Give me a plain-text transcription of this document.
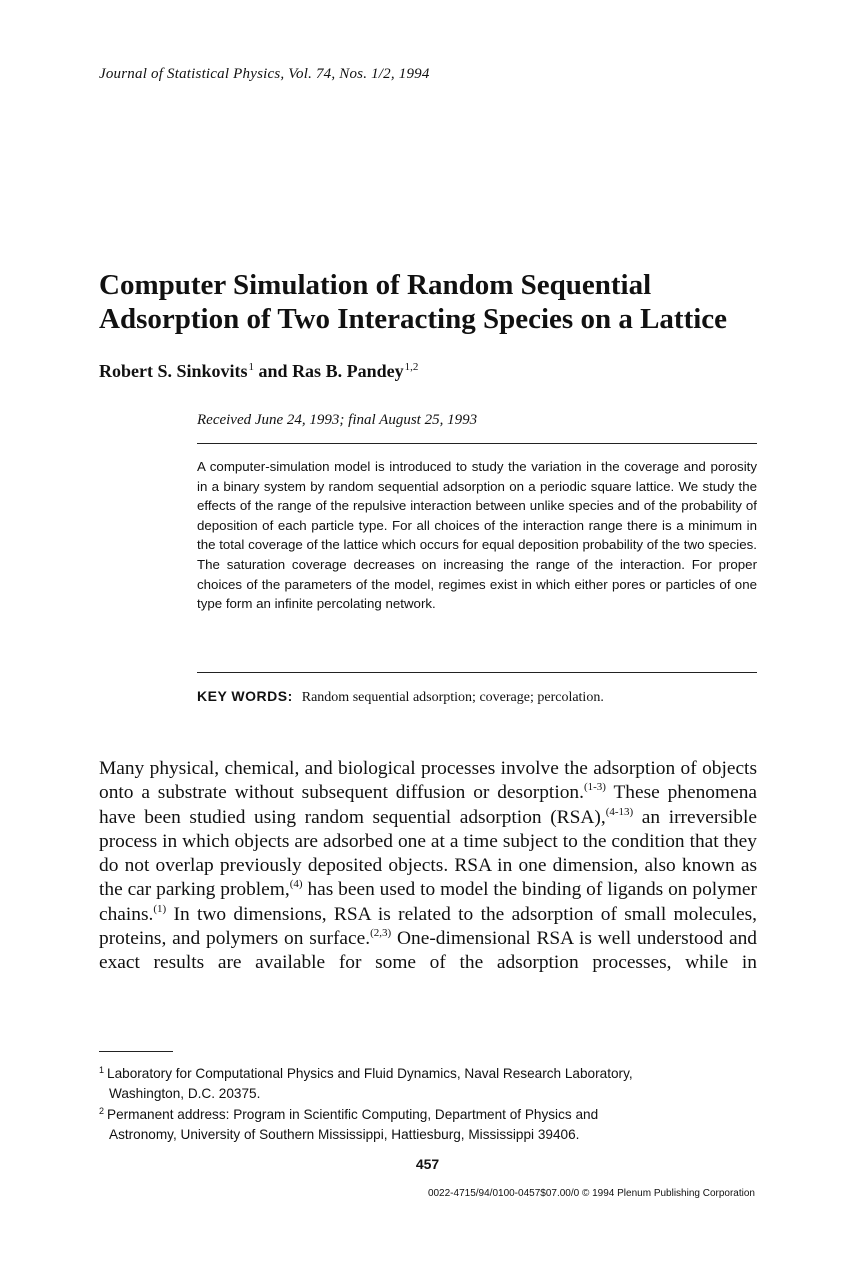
Journal of Statistical Physics, Vol. 74, Nos. 1/2, 1994
Computer Simulation of Random Sequential
Adsorption of Two Interacting Species on a Lattice
Robert S. Sinkovits$^1$ and Ras B. Pandey$^{1,2}$
Received June 24, 1993; final August 25, 1993
A computer-simulation model is introduced to study the variation in the coverage and porosity in a binary system by random sequential adsorption on a periodic square lattice. We study the effects of the range of the repulsive interaction between unlike species and of the probability of deposition of each particle type. For all choices of the interaction range there is a minimum in the total coverage of the lattice which occurs for equal deposition probability of the two species. The saturation coverage decreases on increasing the range of the interaction. For proper choices of the parameters of the model, regimes exist in which either pores or particles of one type form an infinite percolating network.
KEY WORDS: Random sequential adsorption; coverage; percolation.
Many physical, chemical, and biological processes involve the adsorption of objects onto a substrate without subsequent diffusion or desorption.$^{(1-3)}$ These phenomena have been studied using random sequential adsorption (RSA),$^{(4-13)}$ an irreversible process in which objects are adsorbed one at a time subject to the condition that they do not overlap previously deposited objects. RSA in one dimension, also known as the car parking problem,$^{(4)}$ has been used to model the binding of ligands on polymer chains.$^{(1)}$ In two dimensions, RSA is related to the adsorption of small molecules, proteins, and polymers on surface.$^{(2,3)}$ One-dimensional RSA is well understood and exact results are available for some of the adsorption processes, while in
$^1$ Laboratory for Computational Physics and Fluid Dynamics, Naval Research Laboratory,
Washington, D.C. 20375.
$^2$ Permanent address: Program in Scientific Computing, Department of Physics and
Astronomy, University of Southern Mississippi, Hattiesburg, Mississippi 39406.
457
0022-4715/94/0100-0457$07.00/0 © 1994 Plenum Publishing Corporation
